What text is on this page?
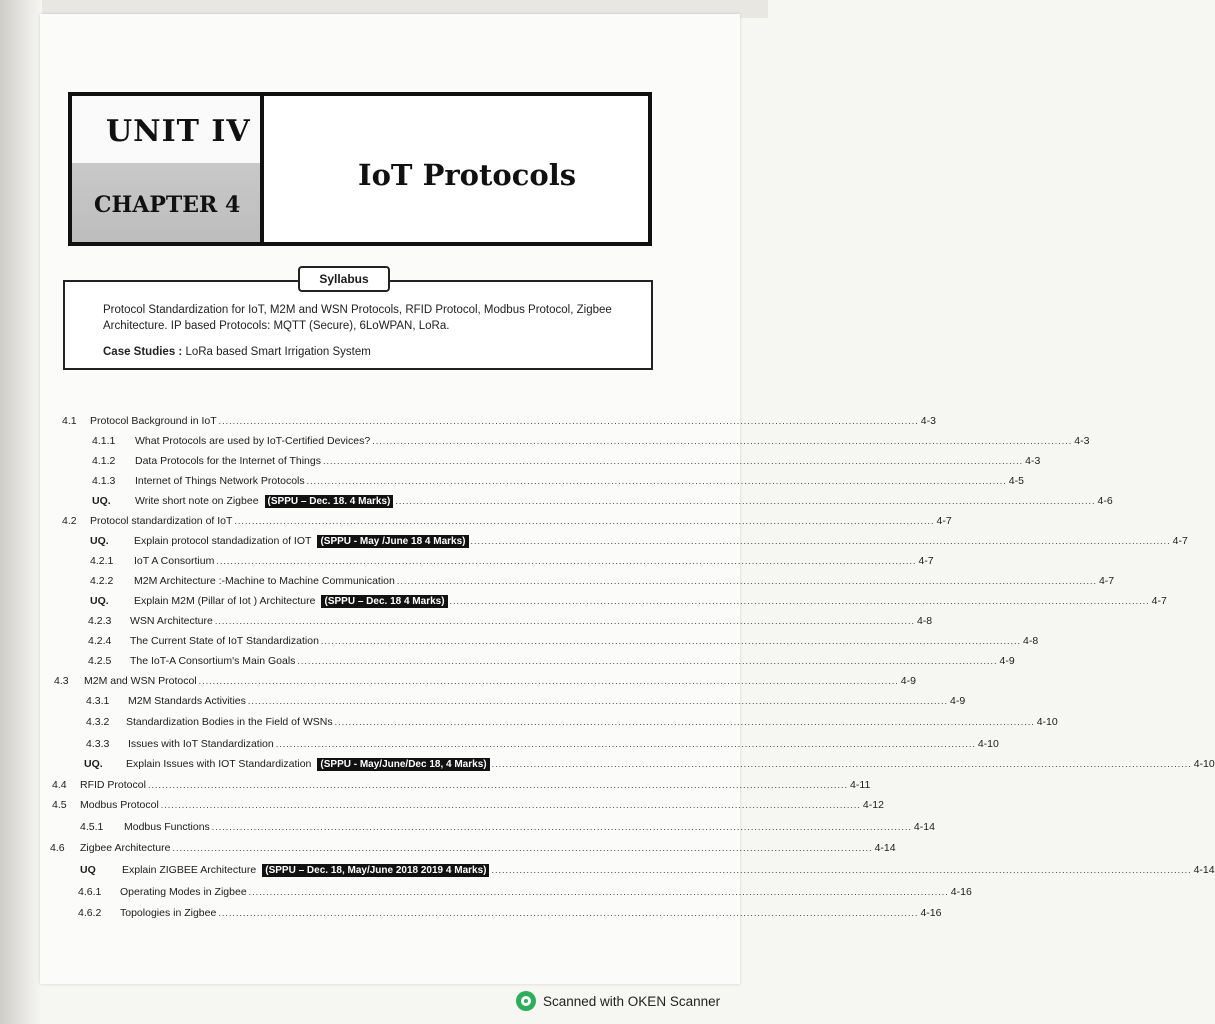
UNIT IV
CHAPTER 4
IoT Protocols
Protocol Standardization for IoT, M2M and WSN Protocols, RFID Protocol, Modbus Protocol, Zigbee Architecture. IP based Protocols: MQTT (Secure), 6LoWPAN, LoRa.
Case Studies : LoRa based Smart Irrigation System
Syllabus
4.1	Protocol Background in IoT ........................................................................................................................................................................................................ 4-3
4.1.1	What Protocols are used by IoT-Certified Devices? ........................................................................................................................................................................................................ 4-3
4.1.2	Data Protocols for the Internet of Things ........................................................................................................................................................................................................ 4-3
4.1.3	Internet of Things Network Protocols ........................................................................................................................................................................................................ 4-5
UQ.	Write short note on Zigbee (SPPU – Dec. 18. 4 Marks) ........................................................................................................................................................................................................ 4-6
4.2	Protocol standardization of IoT ........................................................................................................................................................................................................ 4-7
UQ.	Explain protocol standadization of IOT (SPPU - May /June 18 4 Marks) ........................................................................................................................................................................................................ 4-7
4.2.1	IoT A Consortium ........................................................................................................................................................................................................ 4-7
4.2.2	M2M Architecture :-Machine to Machine Communication ........................................................................................................................................................................................................ 4-7
UQ.	Explain M2M (Pillar of Iot ) Architecture (SPPU – Dec. 18 4 Marks) ........................................................................................................................................................................................................ 4-7
4.2.3	WSN Architecture ........................................................................................................................................................................................................ 4-8
4.2.4	The Current State of IoT Standardization ........................................................................................................................................................................................................ 4-8
4.2.5	The IoT-A Consortium's Main Goals ........................................................................................................................................................................................................ 4-9
4.3	M2M and WSN Protocol ........................................................................................................................................................................................................ 4-9
4.3.1	M2M Standards Activities ........................................................................................................................................................................................................ 4-9
4.3.2	Standardization Bodies in the Field of WSNs ........................................................................................................................................................................................................ 4-10
4.3.3	Issues with IoT Standardization ........................................................................................................................................................................................................ 4-10
UQ.	Explain Issues with IOT Standardization (SPPU - May/June/Dec 18, 4 Marks) ........................................................................................................................................................................................................ 4-10
4.4	RFID Protocol ........................................................................................................................................................................................................ 4-11
4.5	Modbus Protocol ........................................................................................................................................................................................................ 4-12
4.5.1	Modbus Functions ........................................................................................................................................................................................................ 4-14
4.6	Zigbee Architecture ........................................................................................................................................................................................................ 4-14
UQ	Explain ZIGBEE Architecture (SPPU – Dec. 18, May/June 2018 2019 4 Marks) ........................................................................................................................................................................................................ 4-14
4.6.1	Operating Modes in Zigbee ........................................................................................................................................................................................................ 4-16
4.6.2	Topologies in Zigbee ........................................................................................................................................................................................................ 4-16
Scanned with OKEN Scanner
